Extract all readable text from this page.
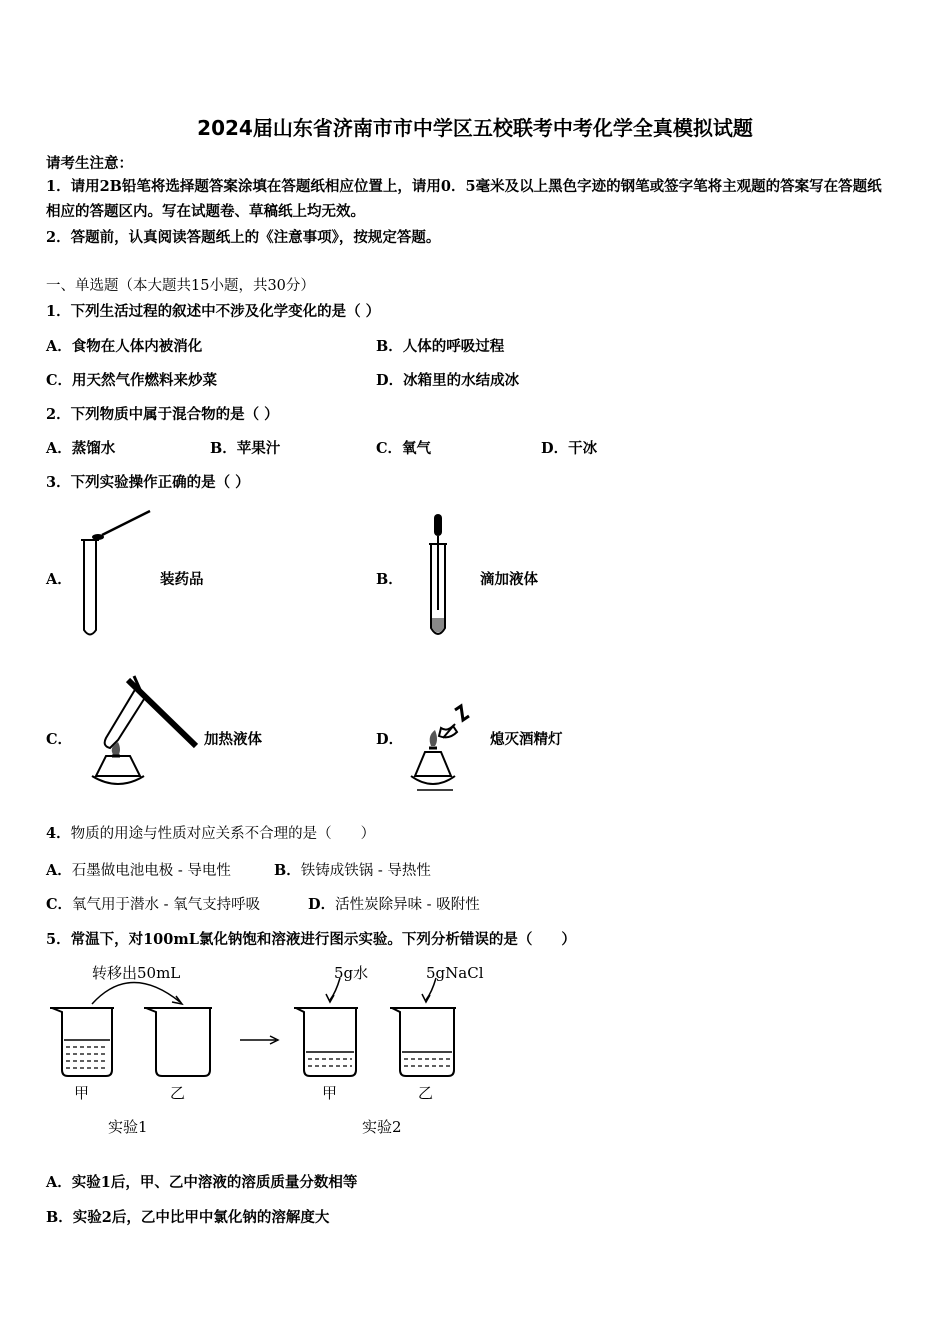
2024届山东省济南市市中学区五校联考中考化学全真模拟试题
请考生注意：
1．请用2B铅笔将选择题答案涂填在答题纸相应位置上，请用0．5毫米及以上黑色字迹的钢笔或签字笔将主观题的答案写在答题纸相应的答题区内。写在试题卷、草稿纸上均无效。
2．答题前，认真阅读答题纸上的《注意事项》，按规定答题。
一、单选题（本大题共15小题，共30分）
1．下列生活过程的叙述中不涉及化学变化的是（ ）
A．食物在人体内被消化	B．人体的呼吸过程
C．用天然气作燃料来炒菜	D．冰箱里的水结成冰
2．下列物质中属于混合物的是（ ）
A．蒸馏水	B．苹果汁	C．氧气	D．干冰
3．下列实验操作正确的是（ ）
A．	装药品	B．	滴加液体
C．	加热液体	D．	熄灭酒精灯
4．物质的用途与性质对应关系不合理的是（　　）
A．石墨做电池电极 - 导电性	B．铁铸成铁锅 - 导热性
C．氧气用于潜水 - 氧气支持呼吸	D．活性炭除异味 - 吸附性
5．常温下，对100mL氯化钠饱和溶液进行图示实验。下列分析错误的是（　　）
转移出50mL	5g水	5gNaCl
甲	乙	甲	乙
实验1	实验2
A．实验1后，甲、乙中溶液的溶质质量分数相等
B．实验2后，乙中比甲中氯化钠的溶解度大
